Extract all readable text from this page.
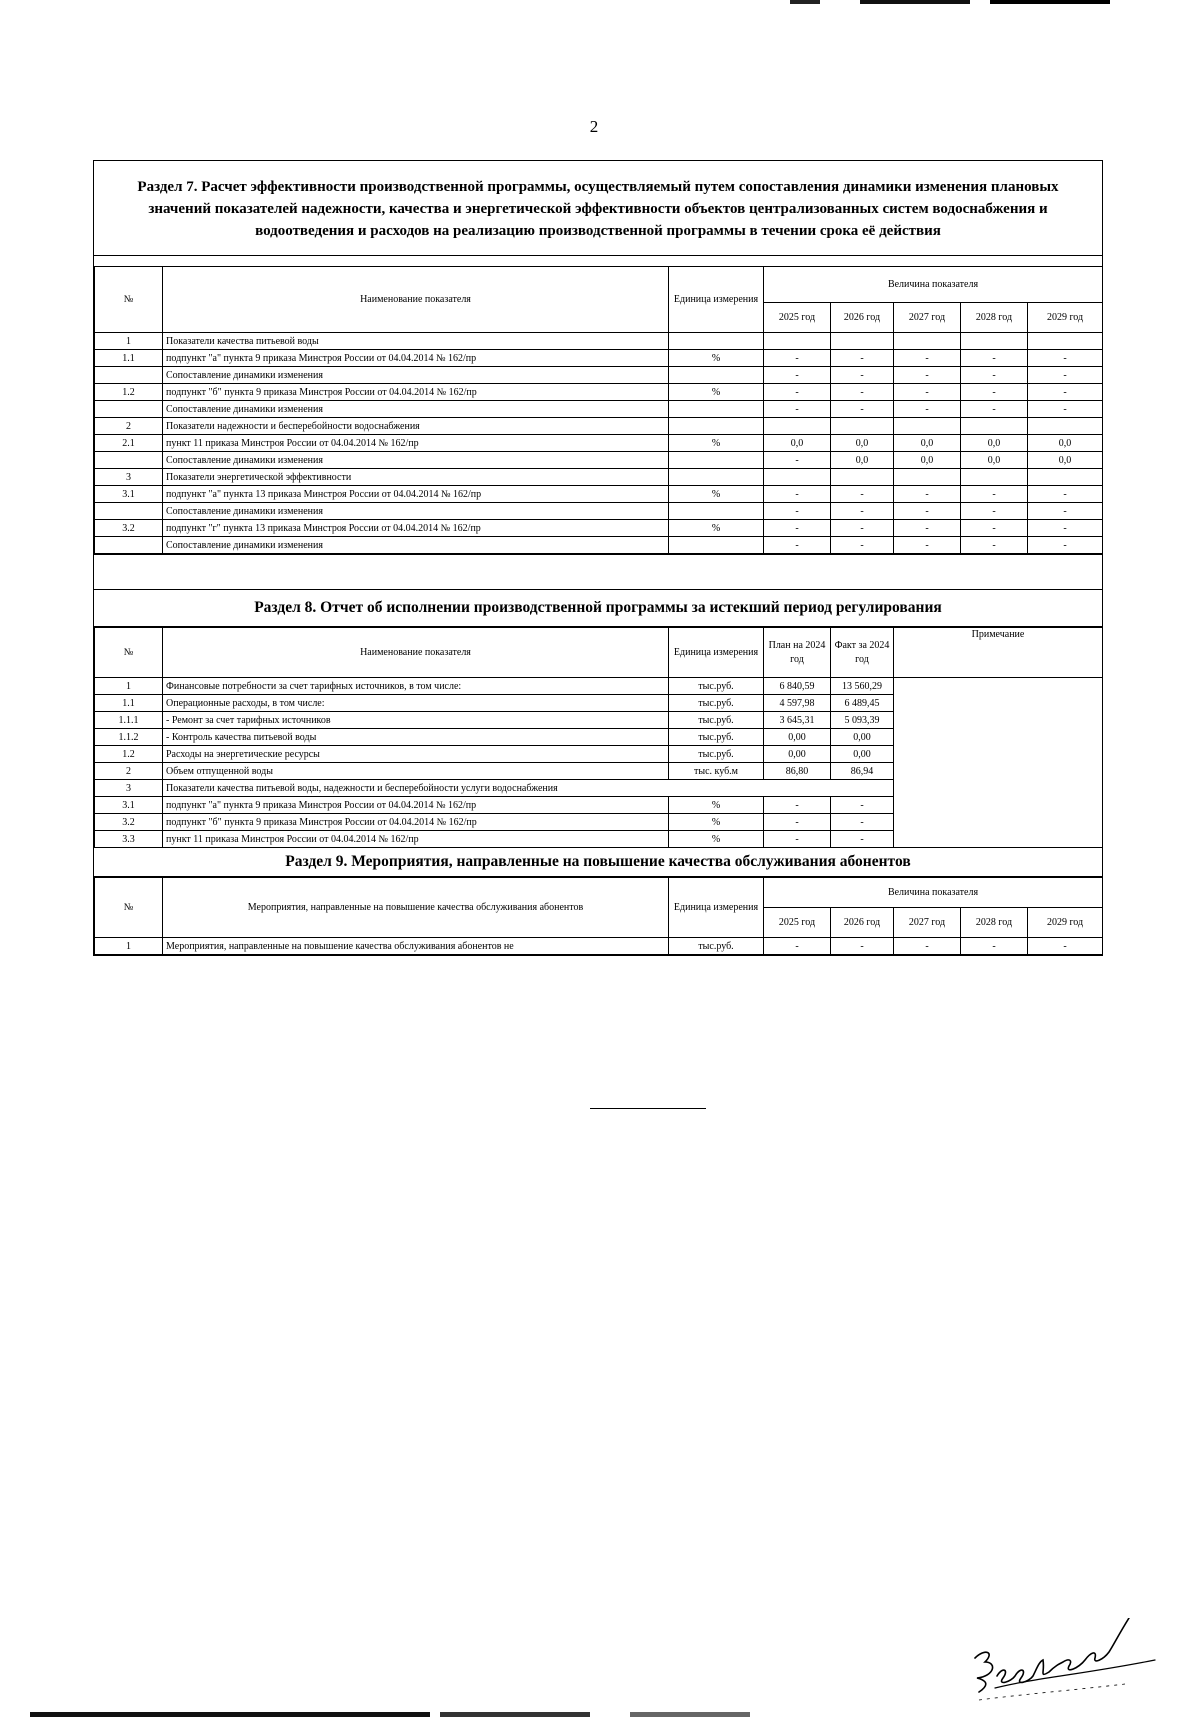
2
Раздел 7. Расчет эффективности производственной программы, осуществляемый путем сопоставления динамики изменения плановых значений показателей надежности, качества и энергетической эффективности объектов централизованных систем водоснабжения и водоотведения и расходов на реализацию производственной программы в течении срока её действия
№	Наименование показателя	Единица измерения	Величина показателя				
			2025 год	2026 год	2027 год	2028 год	2029 год
1	Показатели качества питьевой воды						
1.1	подпункт "а" пункта 9 приказа Минстроя России от 04.04.2014 № 162/пр	%	-	-	-	-	-
	Сопоставление динамики изменения		-	-	-	-	-
1.2	подпункт "б" пункта 9 приказа Минстроя России от 04.04.2014 № 162/пр	%	-	-	-	-	-
	Сопоставление динамики изменения		-	-	-	-	-
2	Показатели надежности и бесперебойности водоснабжения						
2.1	пункт 11 приказа Минстроя России от 04.04.2014 № 162/пр	%	0,0	0,0	0,0	0,0	0,0
	Сопоставление динамики изменения		-	0,0	0,0	0,0	0,0
3	Показатели энергетической эффективности						
3.1	подпункт "а" пункта 13 приказа Минстроя России от 04.04.2014 № 162/пр	%	-	-	-	-	-
	Сопоставление динамики изменения		-	-	-	-	-
3.2	подпункт "г" пункта 13 приказа Минстроя России от 04.04.2014 № 162/пр	%	-	-	-	-	-
	Сопоставление динамики изменения		-	-	-	-	-
Раздел 8. Отчет об исполнении производственной программы за истекший период регулирования
№	Наименование показателя	Единица измерения	План на 2024 год	Факт за 2024 год	Примечание
1	Финансовые потребности за счет тарифных источников, в том числе:	тыс.руб.	6 840,59	13 560,29	
1.1	Операционные расходы, в том числе:	тыс.руб.	4 597,98	6 489,45	
1.1.1	- Ремонт за счет тарифных источников	тыс.руб.	3 645,31	5 093,39	
1.1.2	- Контроль качества питьевой воды	тыс.руб.	0,00	0,00	
1.2	Расходы на энергетические ресурсы	тыс.руб.	0,00	0,00	
2	Объем отпущенной воды	тыс. куб.м	86,80	86,94	
3	Показатели качества питьевой воды, надежности и бесперебойности услуги водоснабжения				
3.1	подпункт "а" пункта 9 приказа Минстроя России от 04.04.2014 № 162/пр	%	-	-	
3.2	подпункт "б" пункта 9 приказа Минстроя России от 04.04.2014 № 162/пр	%	-	-	
3.3	пункт 11 приказа Минстроя России от 04.04.2014 № 162/пр	%	-	-	
Раздел 9. Мероприятия, направленные на повышение качества обслуживания абонентов
№	Мероприятия, направленные на повышение качества обслуживания абонентов	Единица измерения	Величина показателя				
			2025 год	2026 год	2027 год	2028 год	2029 год
1	Мероприятия, направленные на повышение качества обслуживания абонентов не	тыс.руб.	-	-	-	-	-
